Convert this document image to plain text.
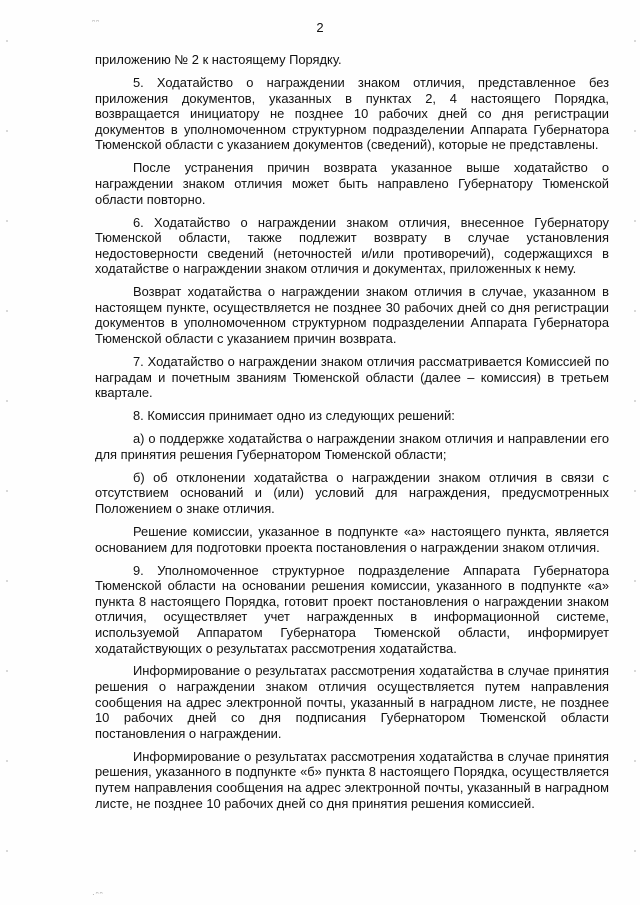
ᵔᵔ	2

приложению № 2 к настоящему Порядку.

5. Ходатайство о награждении знаком отличия, представленное без приложения документов, указанных в пунктах 2, 4 настоящего Порядка, возвращается инициатору не позднее 10 рабочих дней со дня регистрации документов в уполномоченном структурном подразделении Аппарата Губернатора Тюменской области с указанием документов (сведений), которые не представлены.

После устранения причин возврата указанное выше ходатайство о награждении знаком отличия может быть направлено Губернатору Тюменской области повторно.

6. Ходатайство о награждении знаком отличия, внесенное Губернатору Тюменской области, также подлежит возврату в случае установления недостоверности сведений (неточностей и/или противоречий), содержащихся в ходатайстве о награждении знаком отличия и документах, приложенных к нему.

Возврат ходатайства о награждении знаком отличия в случае, указанном в настоящем пункте, осуществляется не позднее 30 рабочих дней со дня регистрации документов в уполномоченном структурном подразделении Аппарата Губернатора Тюменской области с указанием причин возврата.

7. Ходатайство о награждении знаком отличия рассматривается Комиссией по наградам и почетным званиям Тюменской области (далее – комиссия) в третьем квартале.

8. Комиссия принимает одно из следующих решений:

а) о поддержке ходатайства о награждении знаком отличия и направлении его для принятия решения Губернатором Тюменской области;

б) об отклонении ходатайства о награждении знаком отличия в связи с отсутствием оснований и (или) условий для награждения, предусмотренных Положением о знаке отличия.

Решение комиссии, указанное в подпункте «а» настоящего пункта, является основанием для подготовки проекта постановления о награждении знаком отличия.

9. Уполномоченное структурное подразделение Аппарата Губернатора Тюменской области на основании решения комиссии, указанного в подпункте «а» пункта 8 настоящего Порядка, готовит проект постановления о награждении знаком отличия, осуществляет учет награжденных в информационной системе, используемой Аппаратом Губернатора Тюменской области, информирует ходатайствующих о результатах рассмотрения ходатайства.

Информирование о результатах рассмотрения ходатайства в случае принятия решения о награждении знаком отличия осуществляется путем направления сообщения на адрес электронной почты, указанный в наградном листе, не позднее 10 рабочих дней со дня подписания Губернатором Тюменской области постановления о награждении.

Информирование о результатах рассмотрения ходатайства в случае принятия решения, указанного в подпункте «б» пункта 8 настоящего Порядка, осуществляется путем направления сообщения на адрес электронной почты, указанный в наградном листе, не позднее 10 рабочих дней со дня принятия решения комиссией.

·ᵔᵔ
